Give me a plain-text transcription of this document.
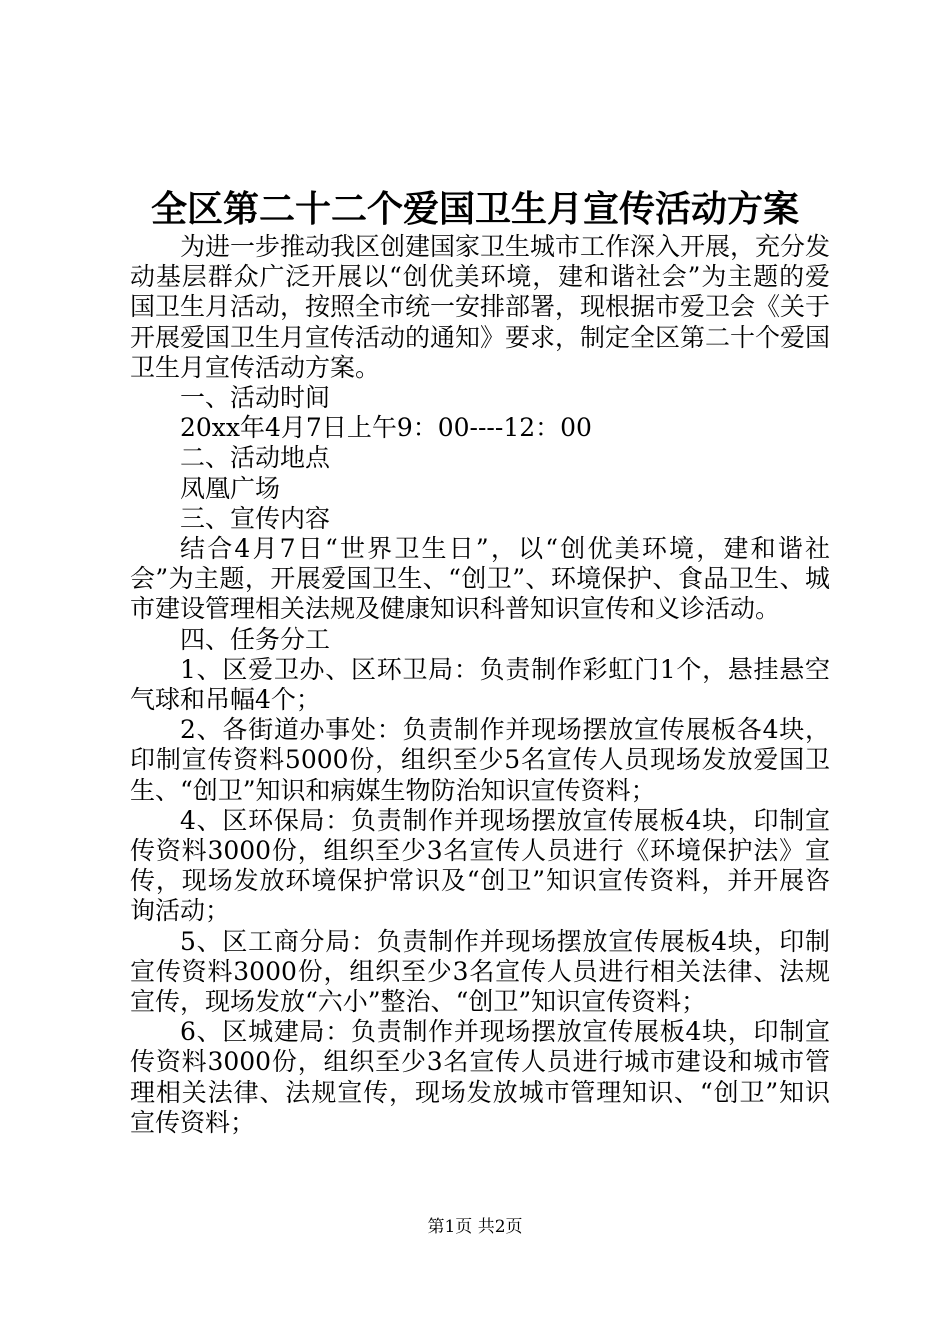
全区第二十二个爱国卫生月宣传活动方案

为进一步推动我区创建国家卫生城市工作深入开展，充分发动基层群众广泛开展以“创优美环境，建和谐社会”为主题的爱国卫生月活动，按照全市统一安排部署，现根据市爱卫会《关于开展爱国卫生月宣传活动的通知》要求，制定全区第二十个爱国卫生月宣传活动方案。

一、活动时间

20xx年4月7日上午9：00----12：00

二、活动地点

凤凰广场

三、宣传内容

结合4月7日“世界卫生日”，以“创优美环境，建和谐社会”为主题，开展爱国卫生、“创卫”、环境保护、食品卫生、城市建设管理相关法规及健康知识科普知识宣传和义诊活动。

四、任务分工

1、区爱卫办、区环卫局：负责制作彩虹门1个，悬挂悬空气球和吊幅4个；

2、各街道办事处：负责制作并现场摆放宣传展板各4块，印制宣传资料5000份，组织至少5名宣传人员现场发放爱国卫生、“创卫”知识和病媒生物防治知识宣传资料；

4、区环保局：负责制作并现场摆放宣传展板4块，印制宣传资料3000份，组织至少3名宣传人员进行《环境保护法》宣传，现场发放环境保护常识及“创卫”知识宣传资料，并开展咨询活动；

5、区工商分局：负责制作并现场摆放宣传展板4块，印制宣传资料3000份，组织至少3名宣传人员进行相关法律、法规宣传，现场发放“六小”整治、“创卫”知识宣传资料；

6、区城建局：负责制作并现场摆放宣传展板4块，印制宣传资料3000份，组织至少3名宣传人员进行城市建设和城市管理相关法律、法规宣传，现场发放城市管理知识、“创卫”知识宣传资料；

第1页 共2页
